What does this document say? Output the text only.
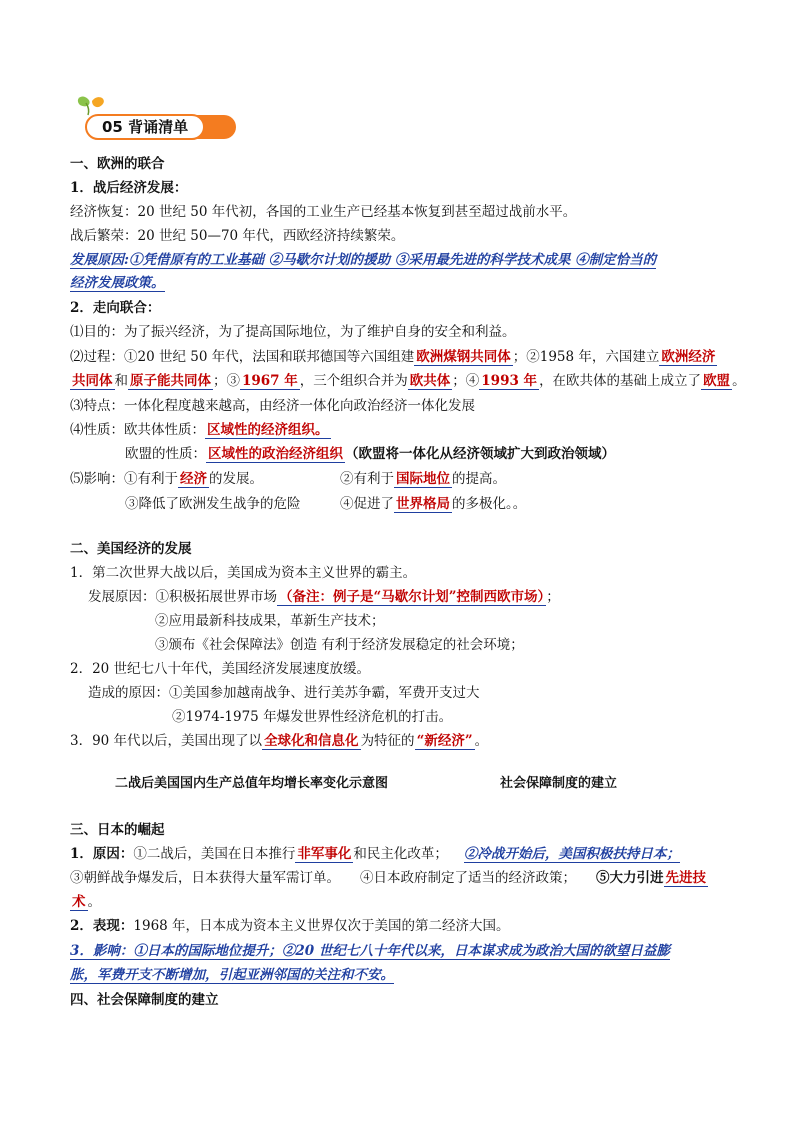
05 背诵清单
一、欧洲的联合
1．战后经济发展：
经济恢复：20 世纪 50 年代初，各国的工业生产已经基本恢复到甚至超过战前水平。
战后繁荣：20 世纪 50—70 年代，西欧经济持续繁荣。
发展原因:①凭借原有的工业基础 ②马歇尔计划的援助 ③采用最先进的科学技术成果 ④制定恰当的
经济发展政策。
2．走向联合：
⑴目的：为了振兴经济，为了提高国际地位，为了维护自身的安全和利益。
⑵过程：①20 世纪 50 年代，法国和联邦德国等六国组建 欧洲煤钢共同体 ；②1958 年，六国建立 欧洲经济
共同体 和 原子能共同体 ；③ 1967 年 ，三个组织合并为 欧共体 ；④ 1993 年 ，在欧共体的基础上成立了 欧盟 。
⑶特点：一体化程度越来越高，由经济一体化向政治经济一体化发展
⑷性质：欧共体性质： 区域性的经济组织。
欧盟的性质： 区域性的政治经济组织 （欧盟将一体化从经济领域扩大到政治领域）
⑸影响：①有利于 经济 的发展。	②有利于 国际地位 的提高。
③降低了欧洲发生战争的危险	④促进了 世界格局 的多极化。。
二、美国经济的发展
1．第二次世界大战以后，美国成为资本主义世界的霸主。
发展原因：①积极拓展世界市场 （备注：例子是“马歇尔计划”控制西欧市场） ；
②应用最新科技成果，革新生产技术；
③颁布《社会保障法》创造 有利于经济发展稳定的社会环境；
2．20 世纪七八十年代，美国经济发展速度放缓。
造成的原因：①美国参加越南战争、进行美苏争霸，军费开支过大
②1974-1975 年爆发世界性经济危机的打击。
3．90 年代以后，美国出现了以 全球化和信息化 为特征的 “新经济” 。
二战后美国国内生产总值年均增长率变化示意图	社会保障制度的建立
三、日本的崛起
1．原因：①二战后，美国在日本推行 非军事化 和民主化改革； ②冷战开始后，美国积极扶持日本；
③朝鲜战争爆发后，日本获得大量军需订单。 ④日本政府制定了适当的经济政策； ⑤大力引进 先进技
术 。
2．表现：1968 年，日本成为资本主义世界仅次于美国的第二经济大国。
3．影响：①日本的国际地位提升；②20 世纪七八十年代以来，日本谋求成为政治大国的欲望日益膨
胀，军费开支不断增加，引起亚洲邻国的关注和不安。
四、社会保障制度的建立
